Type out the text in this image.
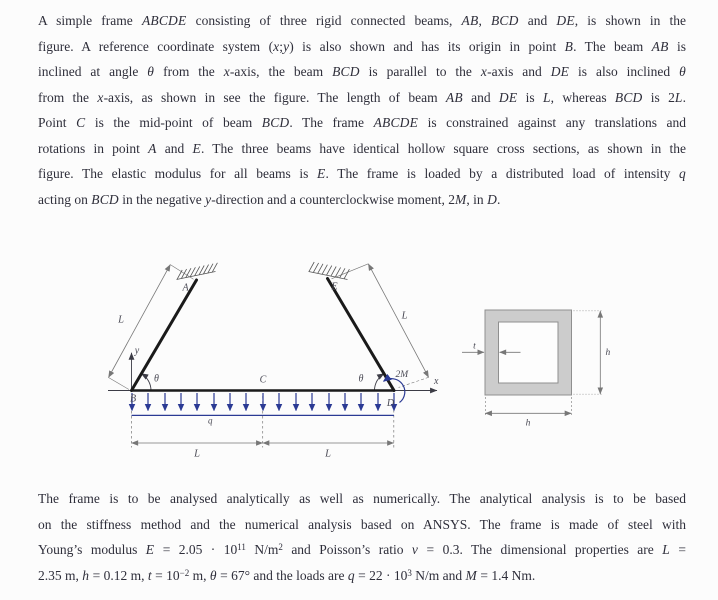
A simple frame ABCDE consisting of three rigid connected beams, AB, BCD and DE, is shown in the
figure. A reference coordinate system (x;y) is also shown and has its origin in point B. The beam AB is
inclined at angle θ from the x-axis, the beam BCD is parallel to the x-axis and DE is also inclined θ
from the x-axis, as shown in see the figure. The length of beam AB and DE is L, whereas BCD is 2L.
Point C is the mid-point of beam BCD. The frame ABCDE is constrained against any translations and
rotations in point A and E. The three beams have identical hollow square cross sections, as shown in the
figure. The elastic modulus for all beams is E. The frame is loaded by a distributed load of intensity q
acting on BCD in the negative y-direction and a counterclockwise moment, 2M, in D.
A	E
B
C
D
L	L
L	L
x
y
θ	θ
q
2M
t
h
h
The frame is to be analysed analytically as well as numerically. The analytical analysis is to be based
on the stiffness method and the numerical analysis based on ANSYS. The frame is made of steel with
Young’s modulus $E = 2.05 \cdot 10^{11}$ $N/m^2$ and Poisson’s ratio v = 0.3. The dimensional properties are L =
2.35 m, h = 0.12 m, $t = 10^{-2}$ m, θ = 67° and the loads are $q = 22 \cdot 10^3$ N/m and M = 1.4 Nm.
